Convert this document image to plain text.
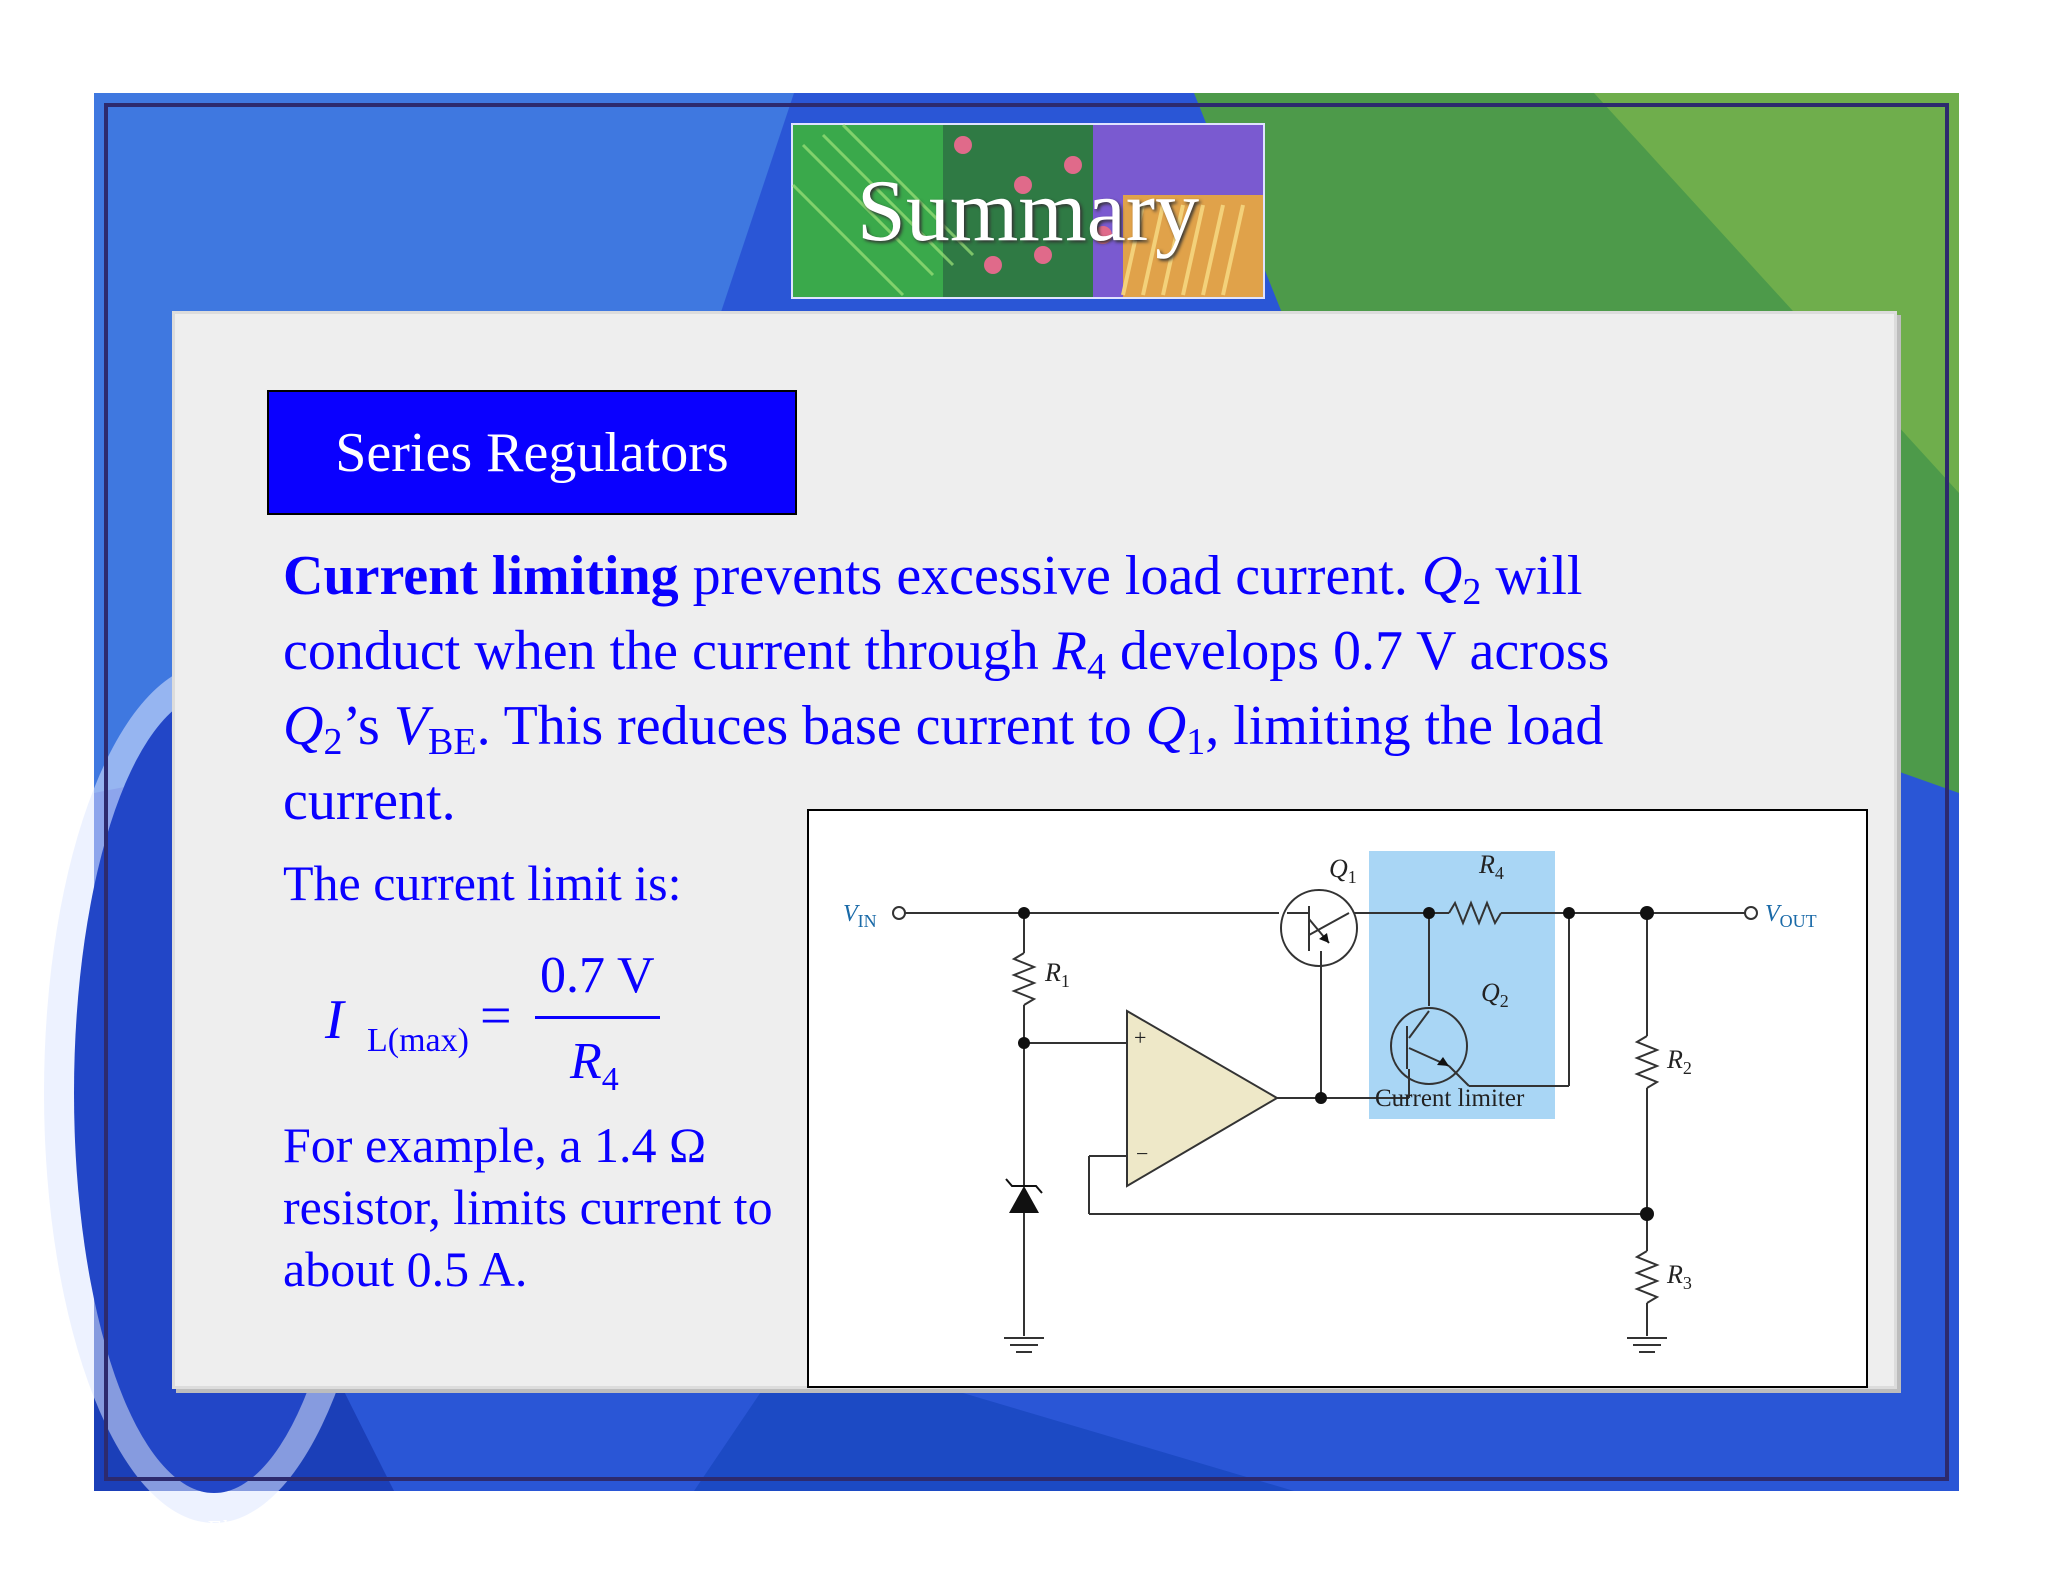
Summary
Series Regulators
Current limiting prevents excessive load current. $Q_2$ will
conduct when the current through $R_4$ develops 0.7 V across
$Q_2’s$ $V_{BE}$. This reduces base current to $Q_1$, limiting the load
current.
The current limit is:
I L(max) =
0.7 V
$R_4$
For example, a 1.4 Ω resistor, limits current to about 0.5 A.
$V_{IN}$	$V_{OUT}$
$Q_1$	$R_4$
$Q_2$
$R_1$
$R_2$
$R_3$
+
−
Current limiter
Electronic Devices, 9th edition
Thomas L. Floyd
© 2012 Pearson Education. Upper Saddle River, NJ, 07458.
All rights reserved.
